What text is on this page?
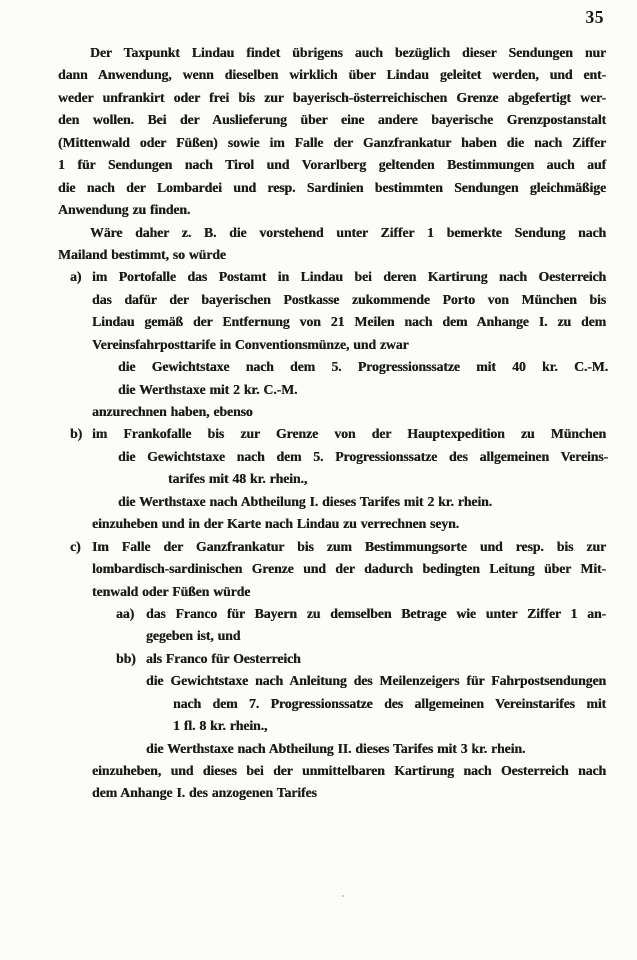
35
Der Taxpunkt Lindau findet übrigens auch bezüglich dieser Sendungen nur
dann Anwendung, wenn dieselben wirklich über Lindau geleitet werden, und ent-
weder unfrankirt oder frei bis zur bayerisch-österreichischen Grenze abgefertigt wer-
den wollen. Bei der Auslieferung über eine andere bayerische Grenzpostanstalt
(Mittenwald oder Füßen) sowie im Falle der Ganzfrankatur haben die nach Ziffer
1 für Sendungen nach Tirol und Vorarlberg geltenden Bestimmungen auch auf
die nach der Lombardei und resp. Sardinien bestimmten Sendungen gleichmäßige
Anwendung zu finden.
Wäre daher z. B. die vorstehend unter Ziffer 1 bemerkte Sendung nach
Mailand bestimmt, so würde
a) im Portofalle das Postamt in Lindau bei deren Kartirung nach Oesterreich
das dafür der bayerischen Postkasse zukommende Porto von München bis
Lindau gemäß der Entfernung von 21 Meilen nach dem Anhange I. zu dem
Vereinsfahrposttarife in Conventionsmünze, und zwar
die Gewichtstaxe nach dem 5. Progressionssatze mit 40 kr. C.-M.
die Werthstaxe mit 2 kr. C.-M.
anzurechnen haben, ebenso
b) im Frankofalle bis zur Grenze von der Hauptexpedition zu München
die Gewichtstaxe nach dem 5. Progressionssatze des allgemeinen Vereins-
tarifes mit 48 kr. rhein.,
die Werthstaxe nach Abtheilung I. dieses Tarifes mit 2 kr. rhein.
einzuheben und in der Karte nach Lindau zu verrechnen seyn.
c) Im Falle der Ganzfrankatur bis zum Bestimmungsorte und resp. bis zur
lombardisch-sardinischen Grenze und der dadurch bedingten Leitung über Mit-
tenwald oder Füßen würde
aa) das Franco für Bayern zu demselben Betrage wie unter Ziffer 1 an-
gegeben ist, und
bb) als Franco für Oesterreich
die Gewichtstaxe nach Anleitung des Meilenzeigers für Fahrpostsendungen
nach dem 7. Progressionssatze des allgemeinen Vereinstarifes mit
1 fl. 8 kr. rhein.,
die Werthstaxe nach Abtheilung II. dieses Tarifes mit 3 kr. rhein.
einzuheben, und dieses bei der unmittelbaren Kartirung nach Oesterreich nach
dem Anhange I. des anzogenen Tarifes
